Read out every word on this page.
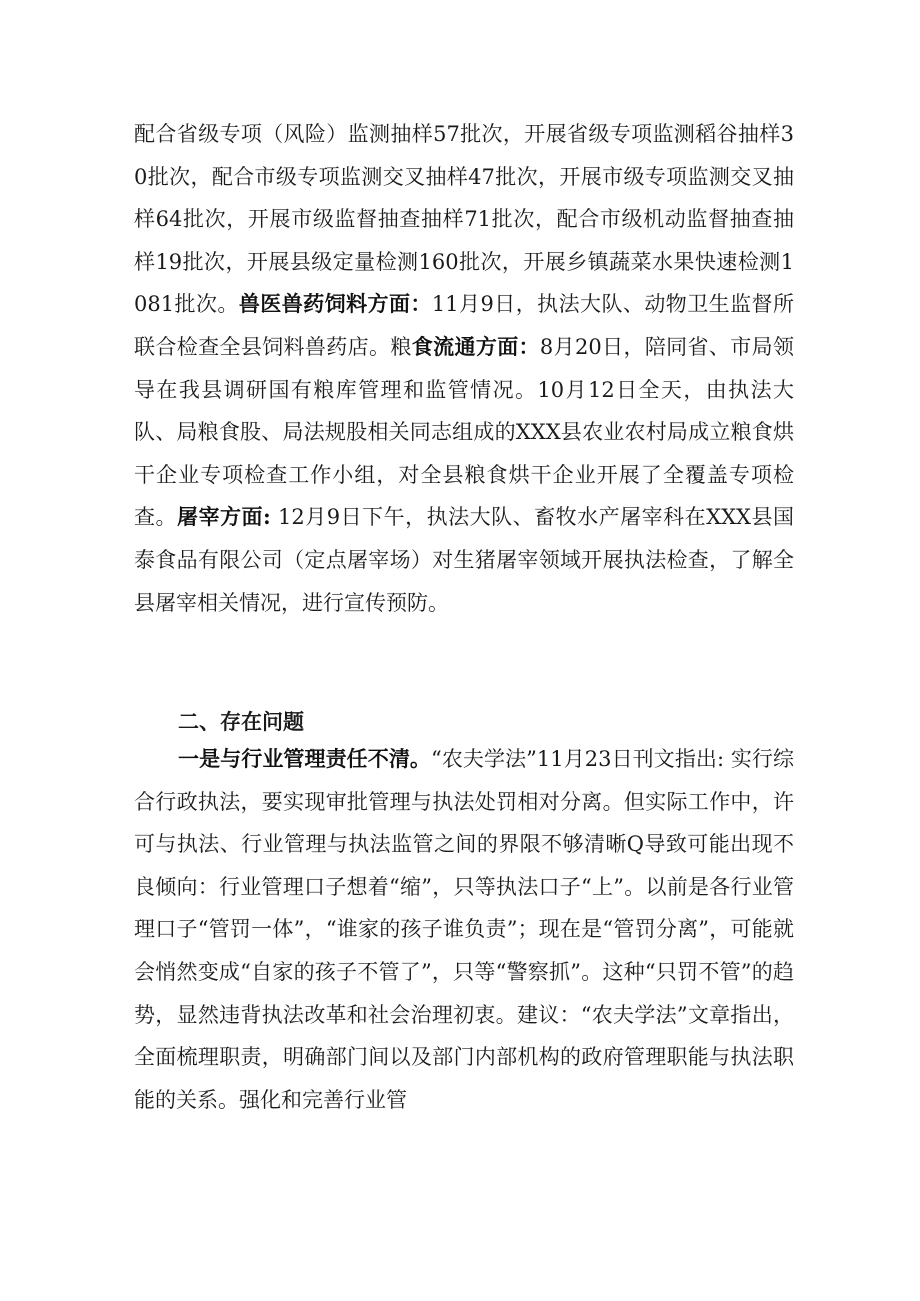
配合省级专项（风险）监测抽样57批次，开展省级专项监测稻谷抽样30批次，配合市级专项监测交叉抽样47批次，开展市级专项监测交叉抽样64批次，开展市级监督抽查抽样71批次，配合市级机动监督抽查抽样19批次，开展县级定量检测160批次，开展乡镇蔬菜水果快速检测1081批次。兽医兽药饲料方面：11月9日，执法大队、动物卫生监督所联合检查全县饲料兽药店。粮食流通方面：8月20日，陪同省、市局领导在我县调研国有粮库管理和监管情况。10月12日全天，由执法大队、局粮食股、局法规股相关同志组成的XXX县农业农村局成立粮食烘干企业专项检查工作小组，对全县粮食烘干企业开展了全覆盖专项检查。屠宰方面: 12月9日下午，执法大队、畜牧水产屠宰科在XXX县国泰食品有限公司（定点屠宰场）对生猪屠宰领域开展执法检查，了解全县屠宰相关情况，进行宣传预防。

二、存在问题

一是与行业管理责任不清。“农夫学法”11月23日刊文指出: 实行综合行政执法，要实现审批管理与执法处罚相对分离。但实际工作中，许可与执法、行业管理与执法监管之间的界限不够清晰Q导致可能出现不良倾向：行业管理口子想着“缩”，只等执法口子“上”。以前是各行业管理口子“管罚一体”，“谁家的孩子谁负责”；现在是“管罚分离”，可能就会悄然变成“自家的孩子不管了”，只等“警察抓”。这种“只罚不管”的趋势，显然违背执法改革和社会治理初衷。建议：“农夫学法”文章指出，全面梳理职责，明确部门间以及部门内部机构的政府管理职能与执法职能的关系。强化和完善行业管
